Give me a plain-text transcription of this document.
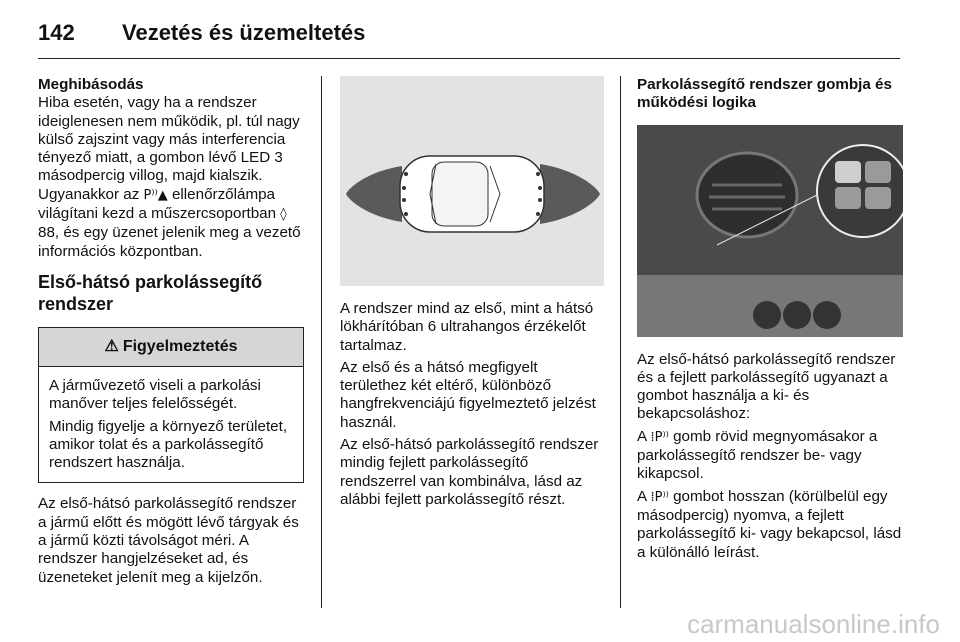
142 Vezetés és üzemeltetés

Meghibásodás

Hiba esetén, vagy ha a rendszer ideiglenesen nem működik, pl. túl nagy külső zajszint vagy más interferencia tényező miatt, a gombon lévő LED 3 másodpercig villog, majd kialszik. Ugyanakkor az P⁾⁾▲ ellenőrzőlámpa világítani kezd a műszercsoportban ◊ 88, és egy üzenet jelenik meg a vezető információs központban.

Első-hátsó parkolássegítő rendszer
⚠ Figyelmeztetés

A járművezető viseli a parkolási manőver teljes felelősségét.

Mindig figyelje a környező területet, amikor tolat és a parkolássegítő rendszert használja.

Az első-hátsó parkolássegítő rendszer a jármű előtt és mögött lévő tárgyak és a jármű közti távolságot méri. A rendszer hangjelzéseket ad, és üzeneteket jelenít meg a kijelzőn.

A rendszer mind az első, mint a hátsó lökhárítóban 6 ultrahangos érzékelőt tartalmaz.

Az első és a hátsó megfigyelt területhez két eltérő, különböző hangfrekvenciájú figyelmeztető jelzést használ.

Az első-hátsó parkolássegítő rendszer mindig fejlett parkolássegítő rendszerrel van kombinálva, lásd az alábbi fejlett parkolássegítő részt.

Parkolássegítő rendszer gombja és működési logika

Az első-hátsó parkolássegítő rendszer és a fejlett parkolássegítő ugyanazt a gombot használja a ki- és bekapcsoláshoz:

A ⁞P⁾⁾ gomb rövid megnyomásakor a parkolássegítő rendszer be- vagy kikapcsol.

A ⁞P⁾⁾ gombot hosszan (körülbelül egy másodpercig) nyomva, a fejlett parkolássegítő ki- vagy bekapcsol, lásd a különálló leírást.

carmanualsonline.info
